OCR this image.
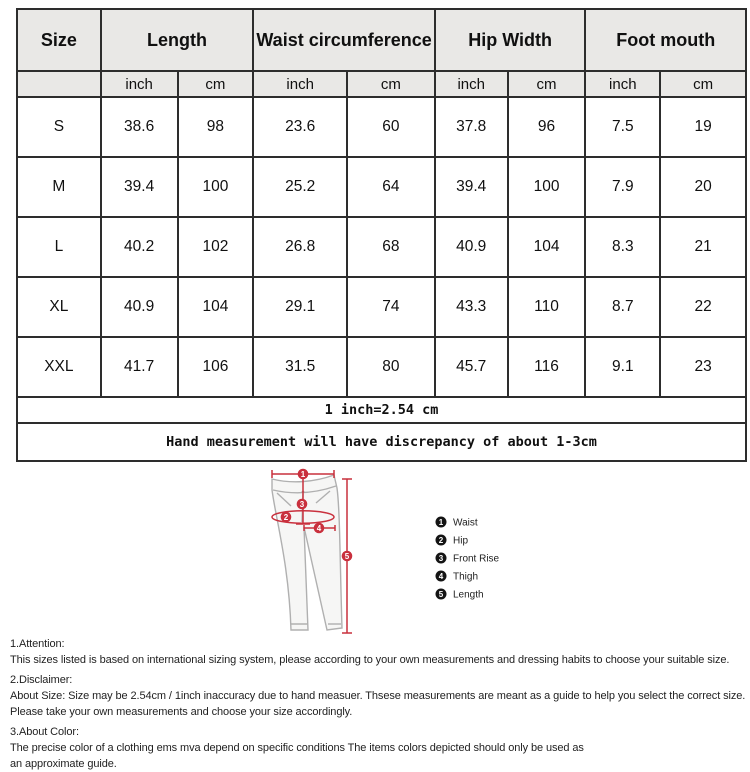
Size	Length		Waist circumference		Hip Width		Foot mouth	
	inch	cm	inch	cm	inch	cm	inch	cm
S	38.6	98	23.6	60	37.8	96	7.5	19
M	39.4	100	25.2	64	39.4	100	7.9	20
L	40.2	102	26.8	68	40.9	104	8.3	21
XL	40.9	104	29.1	74	43.3	110	8.7	22
XXL	41.7	106	31.5	80	45.7	116	9.1	23
1 inch=2.54 cm								
Hand measurement will have discrepancy of about 1-3cm								
1
2
3
4
5
1 Waist
2 Hip
3 Front Rise
4 Thigh
5 Length
1.Attention:
This sizes listed is based on international sizing system, please according to your own measurements and dressing habits to choose your suitable size.
2.Disclaimer:
About Size: Size may be 2.54cm / 1inch inaccuracy due to hand measuer. Thsese measurements are meant as a guide to help you select the correct size.
Please take your own measurements and choose your size accordingly.
3.About Color:
The precise color of a clothing ems mva depend on specific conditions The items colors depicted should only be used as
an approximate guide.
